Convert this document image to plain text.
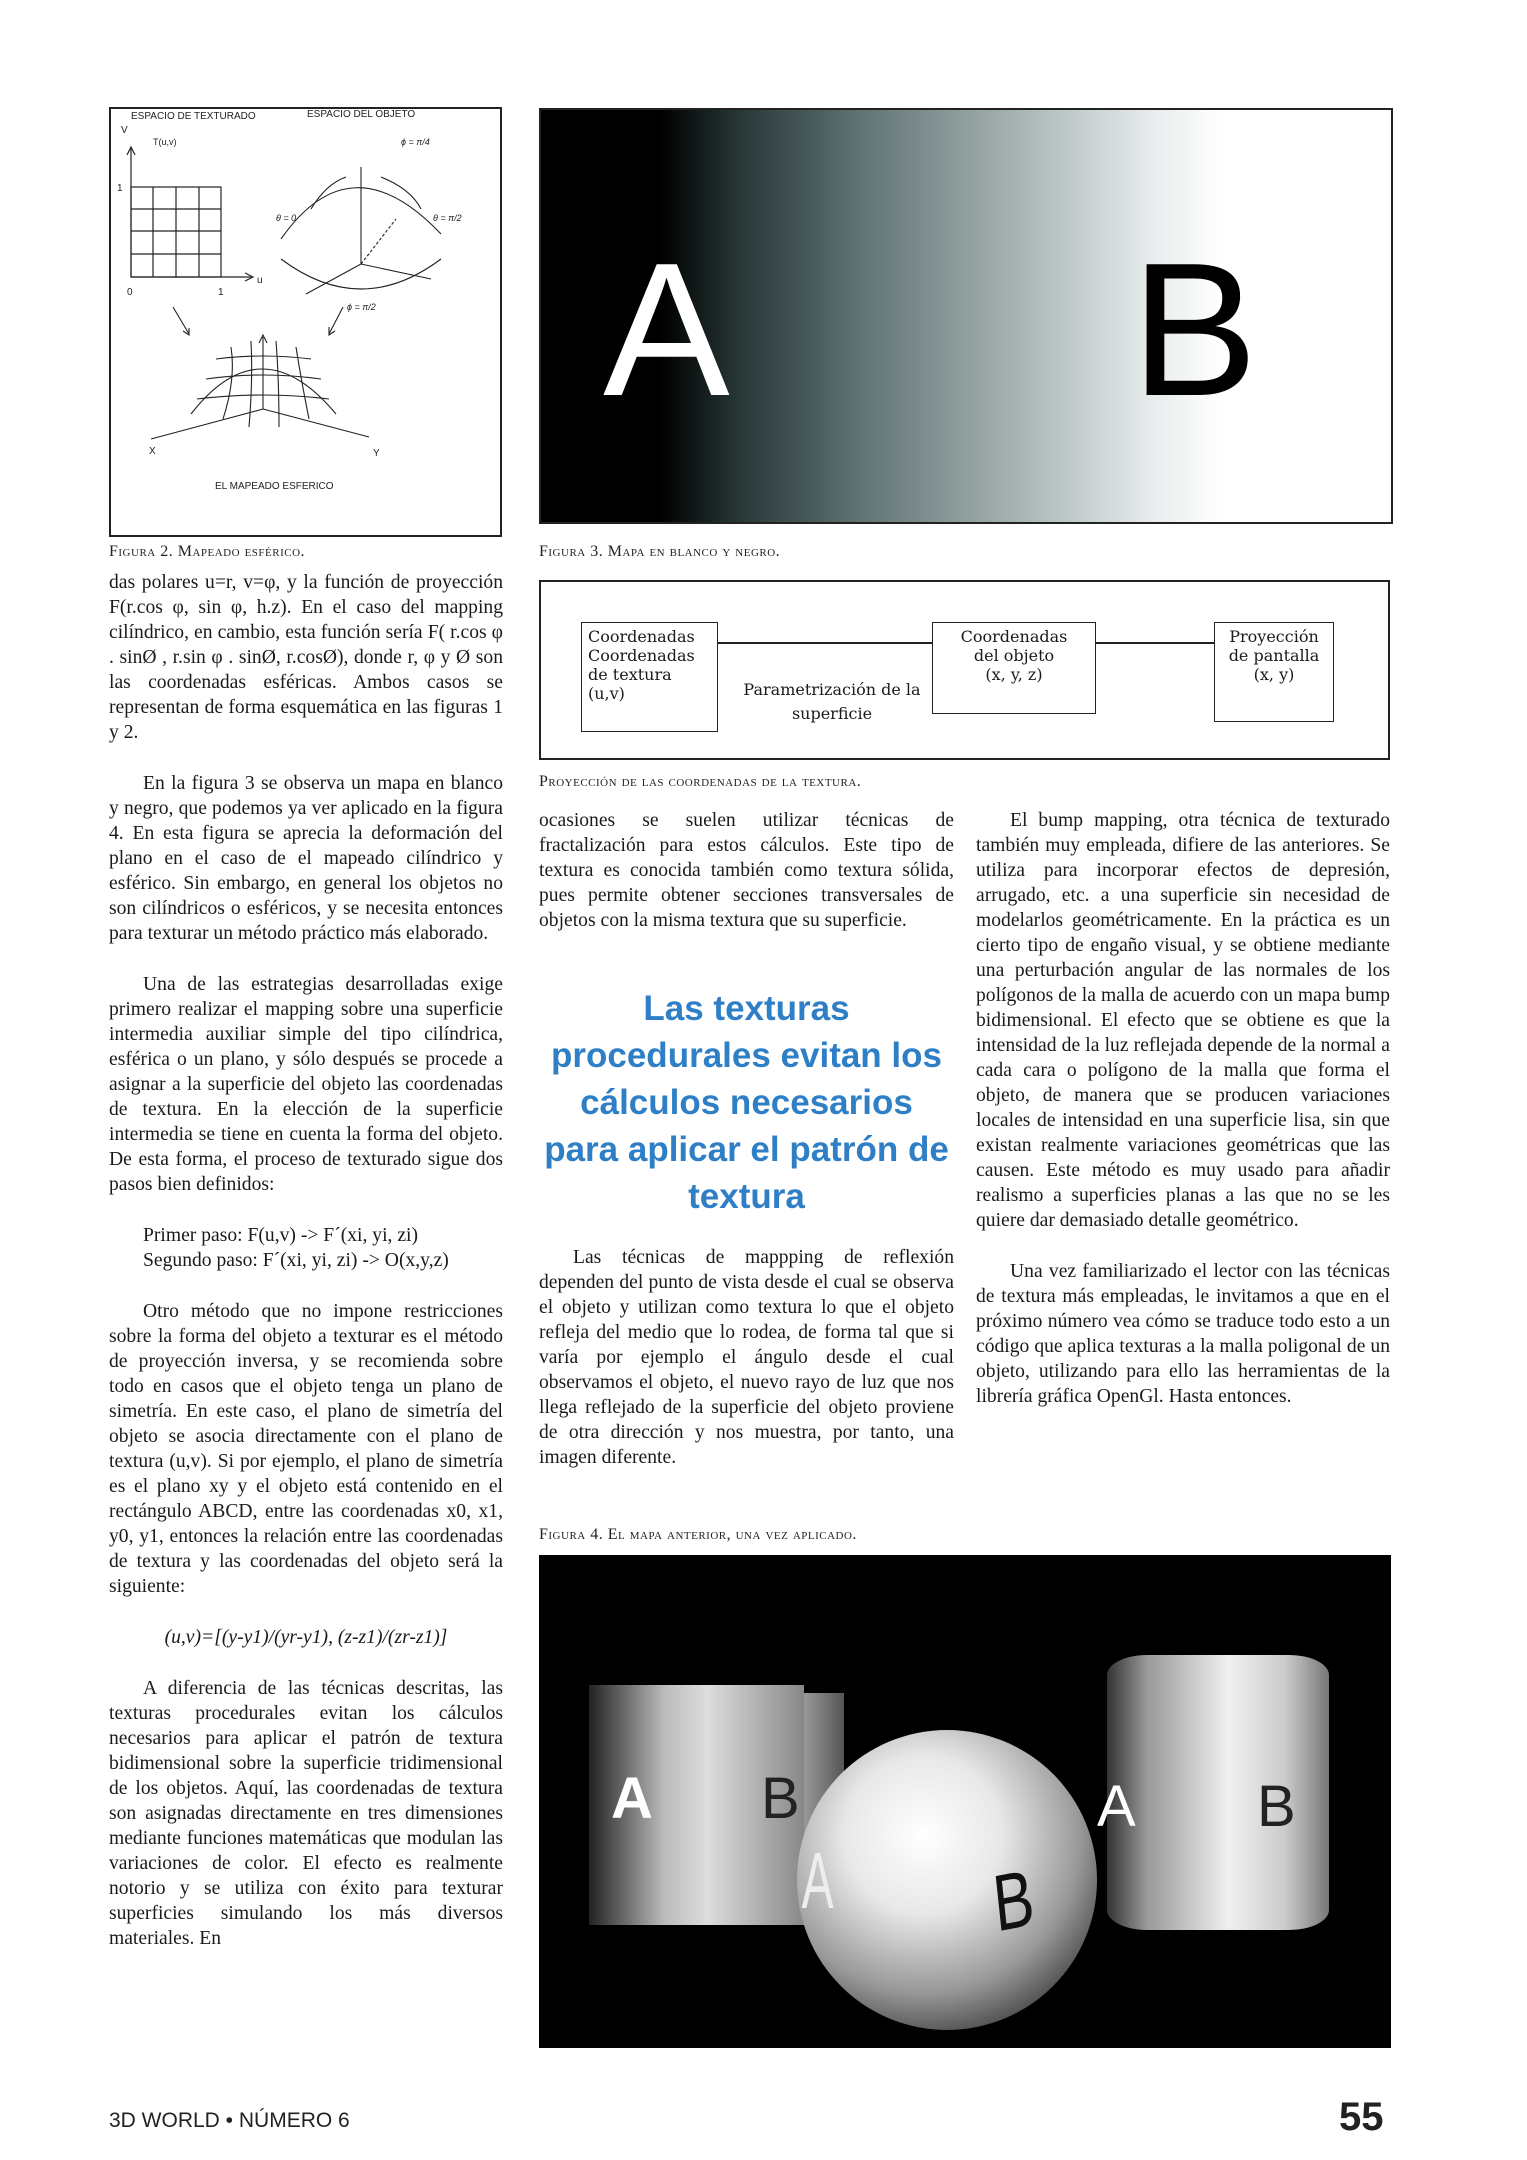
ESPACIO DE TEXTURADO	ESPACIO DEL OBJETO
V
T(u,v)
1
0	1
u
ϕ = π/4
θ = 0	θ = π/2
ϕ = π/2
X	Y
EL MAPEADO ESFERICO
Figura 2. Mapeado esférico.
A B
Figura 3. Mapa en blanco y negro.
Coordenadas
Coordenadas
de textura
(u,v)	Parametrización de la
superficie
Coordenadas
del objeto
(x, y, z)
Proyección
de pantalla
(x, y)
Proyección de las coordenadas de la textura.

das polares u=r, v=φ, y la función de proyección F(r.cos φ, sin φ, h.z). En el caso del mapping cilíndrico, en cambio, esta función sería F( r.cos φ . sinØ , r.sin φ . sinØ, r.cosØ), donde r, φ y Ø son las coordenadas esféricas. Ambos casos se representan de forma esquemática en las figuras 1 y 2.

En la figura 3 se observa un mapa en blanco y negro, que podemos ya ver aplicado en la figura 4. En esta figura se aprecia la deformación del plano en el caso de el mapeado cilíndrico y esférico. Sin embargo, en general los objetos no son cilíndricos o esféricos, y se necesita entonces para texturar un método práctico más elaborado.

Una de las estrategias desarrolladas exige primero realizar el mapping sobre una superficie intermedia auxiliar simple del tipo cilíndrica, esférica o un plano, y sólo después se procede a asignar a la superficie del objeto las coordenadas de textura. En la elección de la superficie intermedia se tiene en cuenta la forma del objeto. De esta forma, el proceso de texturado sigue dos pasos bien definidos:

Primer paso: F(u,v) -> F´(xi, yi, zi)

Segundo paso: F´(xi, yi, zi) -> O(x,y,z)

Otro método que no impone restricciones sobre la forma del objeto a texturar es el método de proyección inversa, y se recomienda sobre todo en casos que el objeto tenga un plano de simetría. En este caso, el plano de simetría del objeto se asocia directamente con el plano de textura (u,v). Si por ejemplo, el plano de simetría es el plano xy y el objeto está contenido en el rectángulo ABCD, entre las coordenadas x0, x1, y0, y1, entonces la relación entre las coordenadas de textura y las coordenadas del objeto será la siguiente:

(u,v)=[(y-y1)/(yr-y1), (z-z1)/(zr-z1)]

A diferencia de las técnicas descritas, las texturas procedurales evitan los cálculos necesarios para aplicar el patrón de textura bidimensional sobre la superficie tridimensional de los objetos. Aquí, las coordenadas de textura son asignadas directamente en tres dimensiones mediante funciones matemáticas que modulan las variaciones de color. El efecto es realmente notorio y se utiliza con éxito para texturar superficies simulando los más diversos materiales. En

ocasiones se suelen utilizar técnicas de fractalización para estos cálculos. Este tipo de textura es conocida también como textura sólida, pues permite obtener secciones transversales de objetos con la misma textura que su superficie.

Las texturas procedurales evitan los cálculos necesarios para aplicar el patrón de textura

Las técnicas de mappping de reflexión dependen del punto de vista desde el cual se observa el objeto y utilizan como textura lo que el objeto refleja del medio que lo rodea, de forma tal que si varía por ejemplo el ángulo desde el cual observamos el objeto, el nuevo rayo de luz que nos llega reflejado de la superficie del objeto proviene de otra dirección y nos muestra, por tanto, una imagen diferente.

El bump mapping, otra técnica de texturado también muy empleada, difiere de las anteriores. Se utiliza para incorporar efectos de depresión, arrugado, etc. a una superficie sin necesidad de modelarlos geométricamente. En la práctica es un cierto tipo de engaño visual, y se obtiene mediante una perturbación angular de las normales de los polígonos de la malla de acuerdo con un mapa bump bidimensional. El efecto que se obtiene es que la intensidad de la luz reflejada depende de la normal a cada cara o polígono de la malla que forma el objeto, de manera que se producen variaciones locales de intensidad en una superficie lisa, sin que existan realmente variaciones geométricas que las causen. Este método es muy usado para añadir realismo a superficies planas a las que no se les quiere dar demasiado detalle geométrico.

Una vez familiarizado el lector con las técnicas de textura más empleadas, le invitamos a que en el próximo número vea cómo se traduce todo esto a un código que aplica texturas a la malla poligonal de un objeto, utilizando para ello las herramientas de la librería gráfica OpenGl. Hasta entonces.

Figura 4. El mapa anterior, una vez aplicado.
A B	A B
A B
3D WORLD • NÚMERO 6	55
